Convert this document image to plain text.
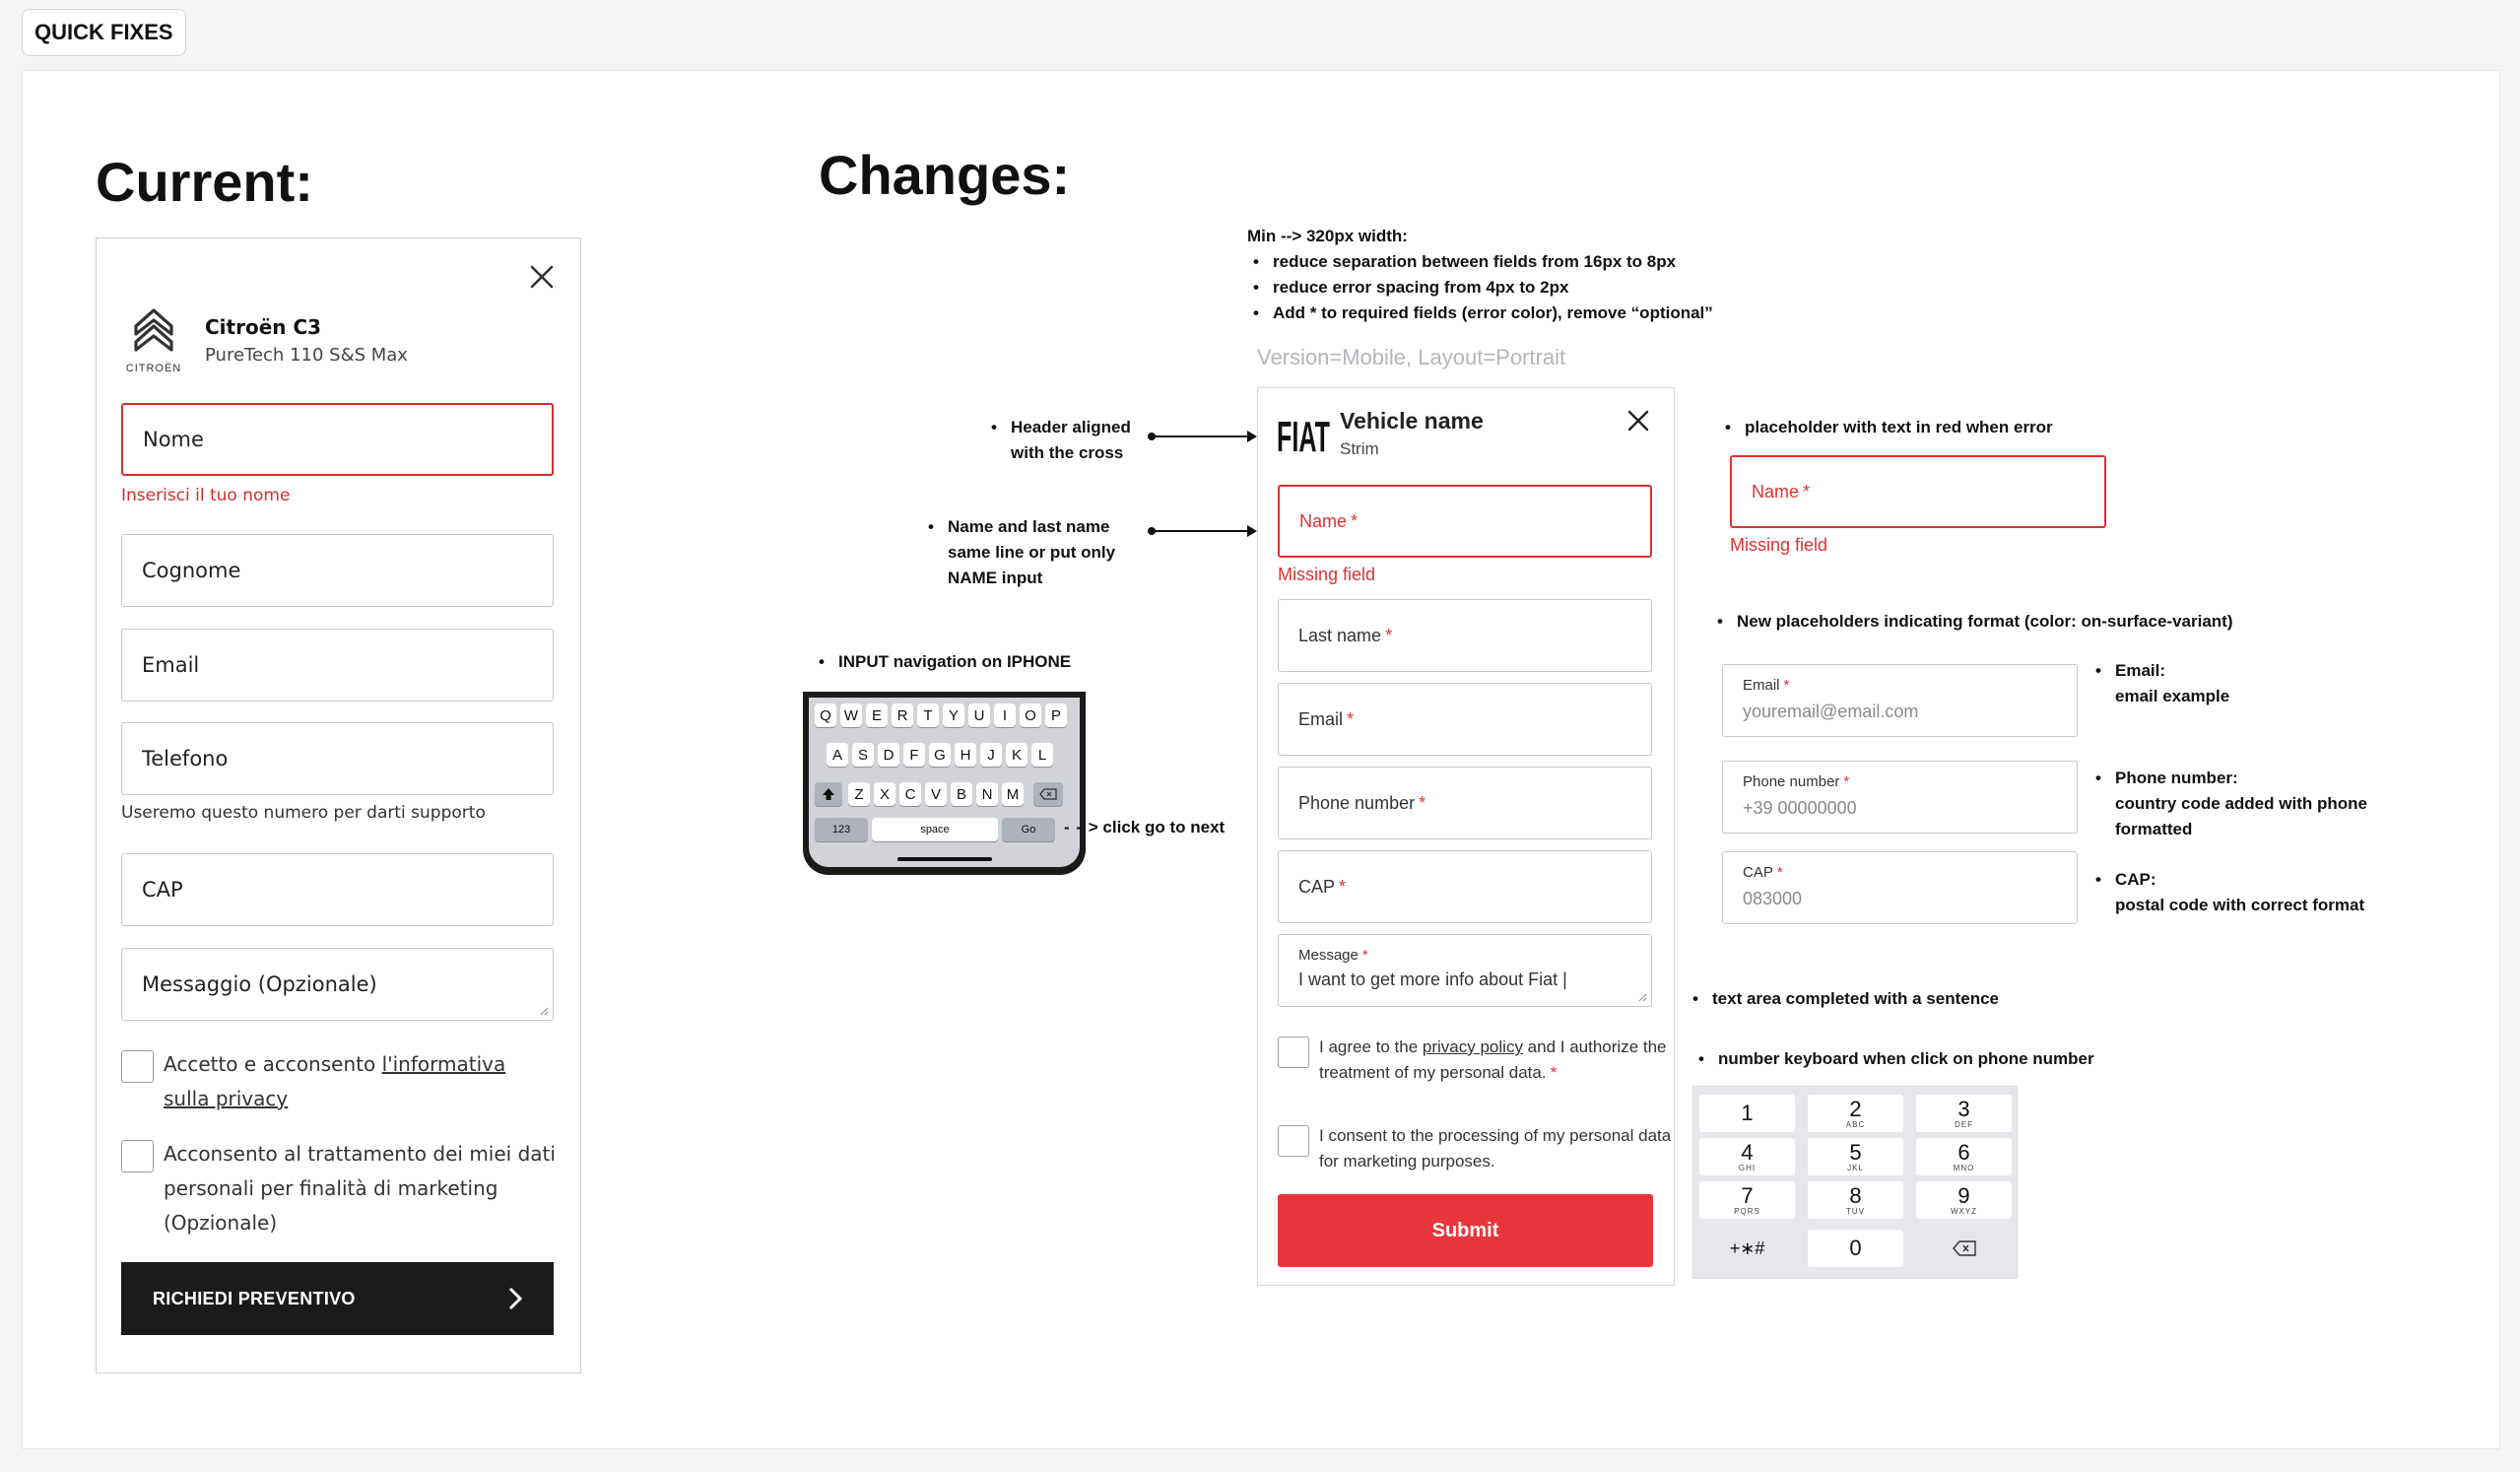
QUICK FIXES
Current:
CITROËN
Citroën C3
PureTech 110 S&S Max
Nome
Inserisci il tuo nome
Cognome
Email
Telefono
Useremo questo numero per darti supporto
CAP
Messaggio (Opzionale)
Accetto e acconsento l'informativa sulla privacy
Acconsento al trattamento dei miei dati personali per finalità di marketing (Opzionale)
RICHIEDI PREVENTIVO
Changes:
Min --> 320px width:
• reduce separation between fields from 16px to 8px
• reduce error spacing from 4px to 2px
• Add * to required fields (error color), remove “optional”
Version=Mobile, Layout=Portrait
• Header aligned
with the cross
• Name and last name
same line or put only
NAME input
• INPUT navigation on IPHONE
123	space	Go
Q W E	R	T	Y	U	I	O	P
A	S	D	F	G H	J	K	L
Z	X	C	V	B	N M
- - > click go to next
FIAT Vehicle name
Strim
Name *
Missing field
Last name *
Email *
Phone number *
CAP *
Message *
I want to get more info about Fiat |
I agree to the privacy policy and I authorize the treatment of my personal data. *
I consent to the processing of my personal data for marketing purposes.
Submit
• placeholder with text in red when error
Name *
Missing field
• New placeholders indicating format (color: on-surface-variant)
Email *
youremail@email.com
• Email:
email example
Phone number *
+39 00000000
• Phone number:
country code added with phone
formatted
CAP *
083000
• CAP:
postal code with correct format
• text area completed with a sentence
• number keyboard when click on phone number
+∗#	0
1	2
ABC
3
DEF
4
GHI
5
JKL
6
MNO
7
PQRS
8
TUV
9
WXYZ
